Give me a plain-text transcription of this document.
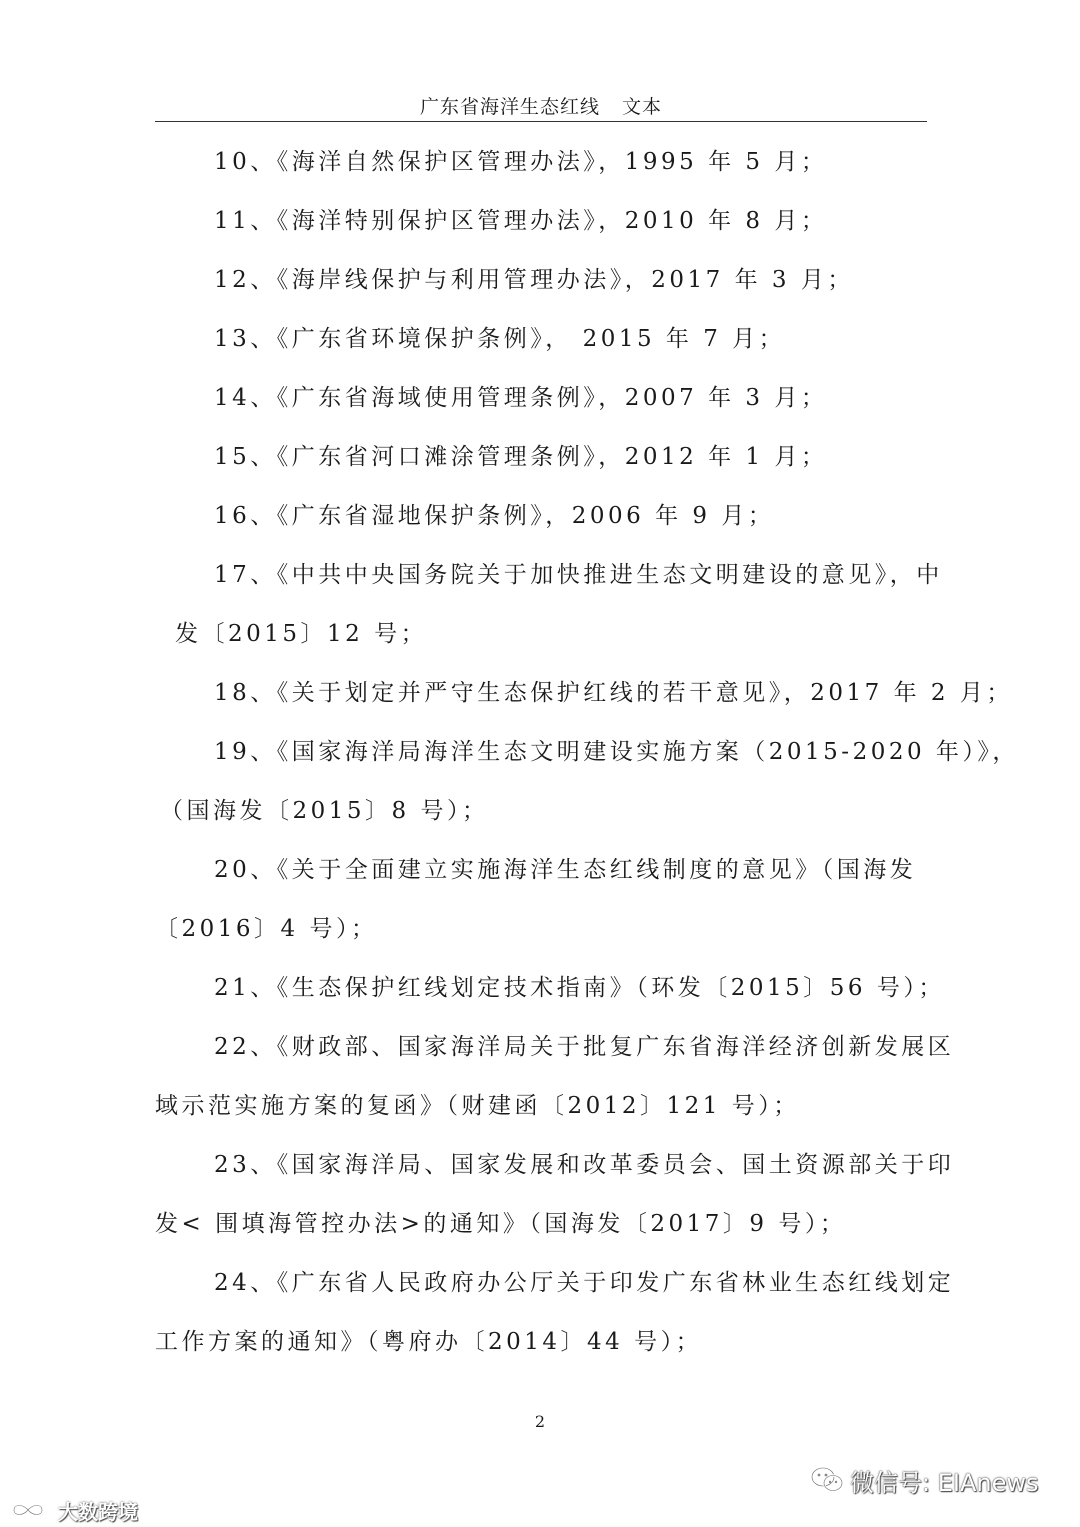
广东省海洋生态红线 文本
10、《海洋自然保护区管理办法》，1995 年 5 月；
11、《海洋特别保护区管理办法》，2010 年 8 月；
12、《海岸线保护与利用管理办法》，2017 年 3 月；
13、《广东省环境保护条例》， 2015 年 7 月；
14、《广东省海域使用管理条例》，2007 年 3 月；
15、《广东省河口滩涂管理条例》，2012 年 1 月；
16、《广东省湿地保护条例》，2006 年 9 月；
17、《中共中央国务院关于加快推进生态文明建设的意见》，中
发〔2015〕12 号；
18、《关于划定并严守生态保护红线的若干意见》，2017 年 2 月；
19、《国家海洋局海洋生态文明建设实施方案（2015-2020 年）》，
（国海发〔2015〕8 号）；
20、《关于全面建立实施海洋生态红线制度的意见》（国海发
〔2016〕4 号）；
21、《生态保护红线划定技术指南》（环发〔2015〕56 号）；
22、《财政部、国家海洋局关于批复广东省海洋经济创新发展区
域示范实施方案的复函》（财建函〔2012〕121 号）；
23、《国家海洋局、国家发展和改革委员会、国土资源部关于印
发< 围填海管控办法>的通知》（国海发〔2017〕9 号）；
24、《广东省人民政府办公厅关于印发广东省林业生态红线划定
工作方案的通知》（粤府办〔2014〕44 号）；
2
微信号: EIAnews
大数跨境
